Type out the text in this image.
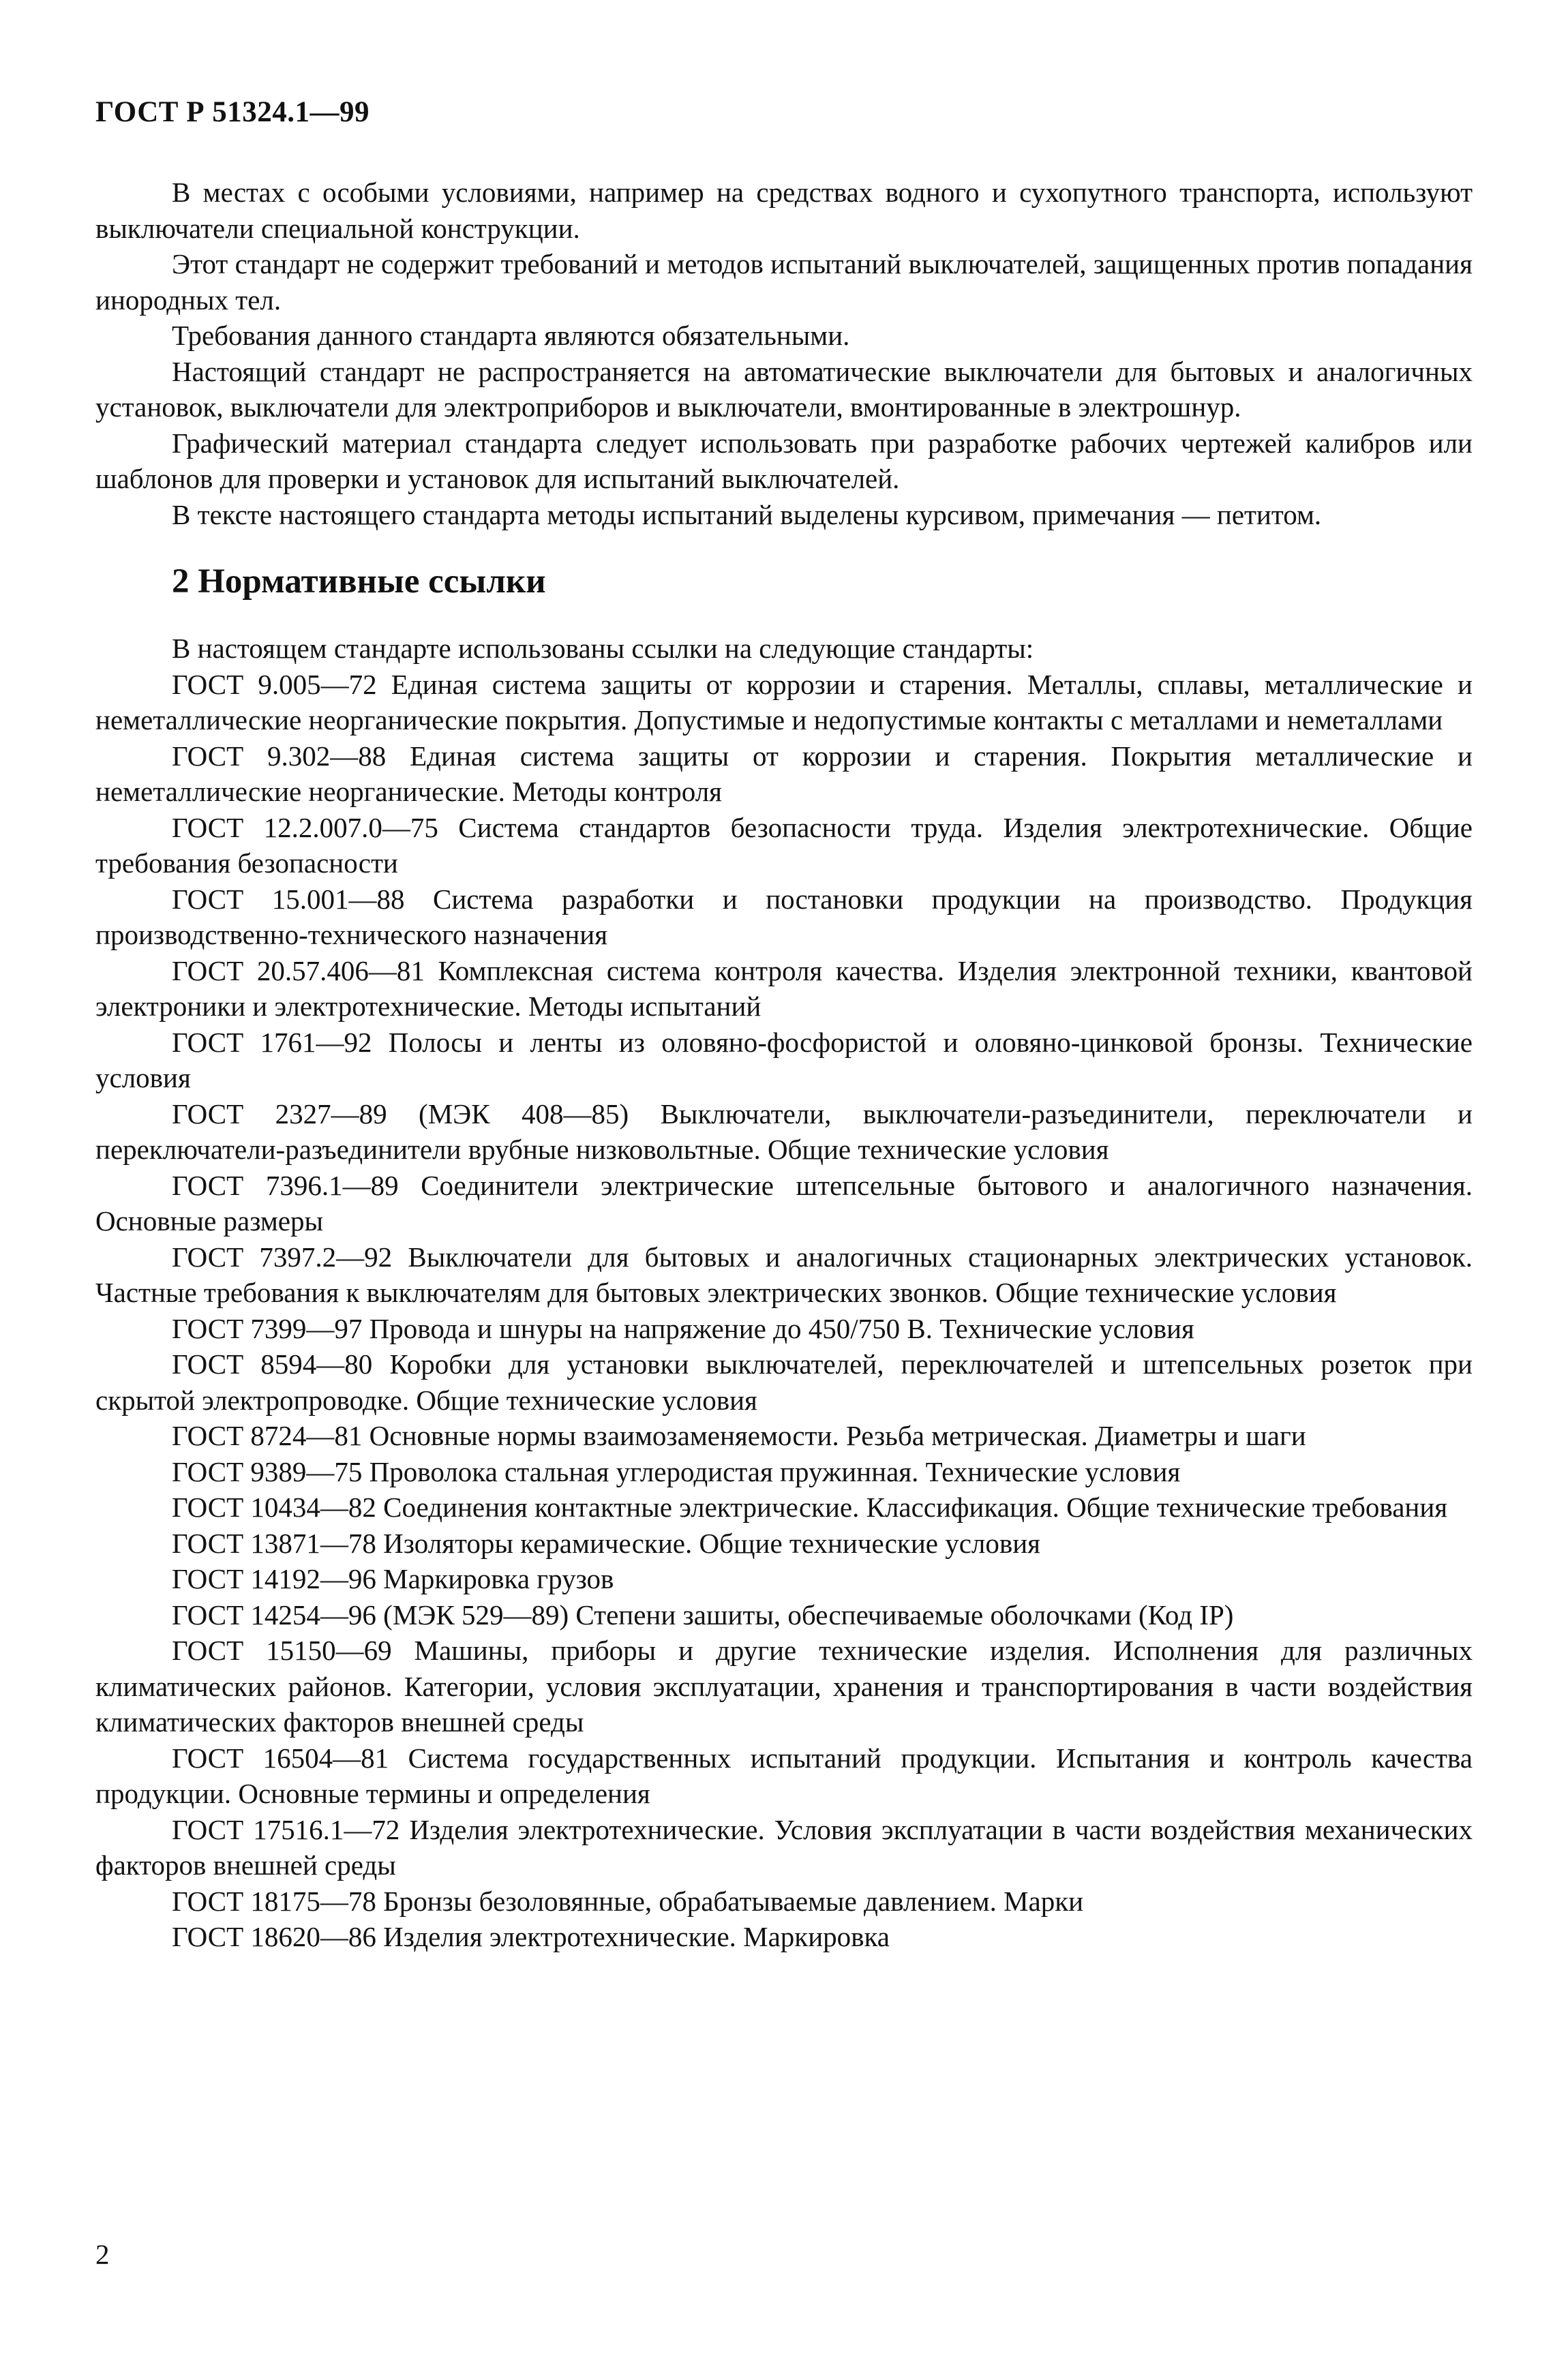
ГОСТ Р 51324.1—99

В местах с особыми условиями, например на средствах водного и сухопутного транспорта, используют выключатели специальной конструкции.

Этот стандарт не содержит требований и методов испытаний выключателей, защищенных против попадания инородных тел.

Требования данного стандарта являются обязательными.

Настоящий стандарт не распространяется на автоматические выключатели для бытовых и аналогичных установок, выключатели для электроприборов и выключатели, вмонтированные в электрошнур.

Графический материал стандарта следует использовать при разработке рабочих чертежей калибров или шаблонов для проверки и установок для испытаний выключателей.

В тексте настоящего стандарта методы испытаний выделены курсивом, примечания — петитом.

2 Нормативные ссылки

В настоящем стандарте использованы ссылки на следующие стандарты:

ГОСТ 9.005—72 Единая система защиты от коррозии и старения. Металлы, сплавы, металлические и неметаллические неорганические покрытия. Допустимые и недопустимые контакты с металлами и неметаллами

ГОСТ 9.302—88 Единая система защиты от коррозии и старения. Покрытия металлические и неметаллические неорганические. Методы контроля

ГОСТ 12.2.007.0—75 Система стандартов безопасности труда. Изделия электротехнические. Общие требования безопасности

ГОСТ 15.001—88 Система разработки и постановки продукции на производство. Продукция производственно-технического назначения

ГОСТ 20.57.406—81 Комплексная система контроля качества. Изделия электронной техники, квантовой электроники и электротехнические. Методы испытаний

ГОСТ 1761—92 Полосы и ленты из оловяно-фосфористой и оловяно-цинковой бронзы. Технические условия

ГОСТ 2327—89 (МЭК 408—85) Выключатели, выключатели-разъединители, переключатели и переключатели-разъединители врубные низковольтные. Общие технические условия

ГОСТ 7396.1—89 Соединители электрические штепсельные бытового и аналогичного назначения. Основные размеры

ГОСТ 7397.2—92 Выключатели для бытовых и аналогичных стационарных электрических установок. Частные требования к выключателям для бытовых электрических звонков. Общие технические условия

ГОСТ 7399—97 Провода и шнуры на напряжение до 450/750 В. Технические условия

ГОСТ 8594—80 Коробки для установки выключателей, переключателей и штепсельных розеток при скрытой электропроводке. Общие технические условия

ГОСТ 8724—81 Основные нормы взаимозаменяемости. Резьба метрическая. Диаметры и шаги

ГОСТ 9389—75 Проволока стальная углеродистая пружинная. Технические условия

ГОСТ 10434—82 Соединения контактные электрические. Классификация. Общие технические требования

ГОСТ 13871—78 Изоляторы керамические. Общие технические условия

ГОСТ 14192—96 Маркировка грузов

ГОСТ 14254—96 (МЭК 529—89) Степени зашиты, обеспечиваемые оболочками (Код IP)

ГОСТ 15150—69 Машины, приборы и другие технические изделия. Исполнения для различных климатических районов. Категории, условия эксплуатации, хранения и транспортирования в части воздействия климатических факторов внешней среды

ГОСТ 16504—81 Система государственных испытаний продукции. Испытания и контроль качества продукции. Основные термины и определения

ГОСТ 17516.1—72 Изделия электротехнические. Условия эксплуатации в части воздействия механических факторов внешней среды

ГОСТ 18175—78 Бронзы безоловянные, обрабатываемые давлением. Марки

ГОСТ 18620—86 Изделия электротехнические. Маркировка

2
